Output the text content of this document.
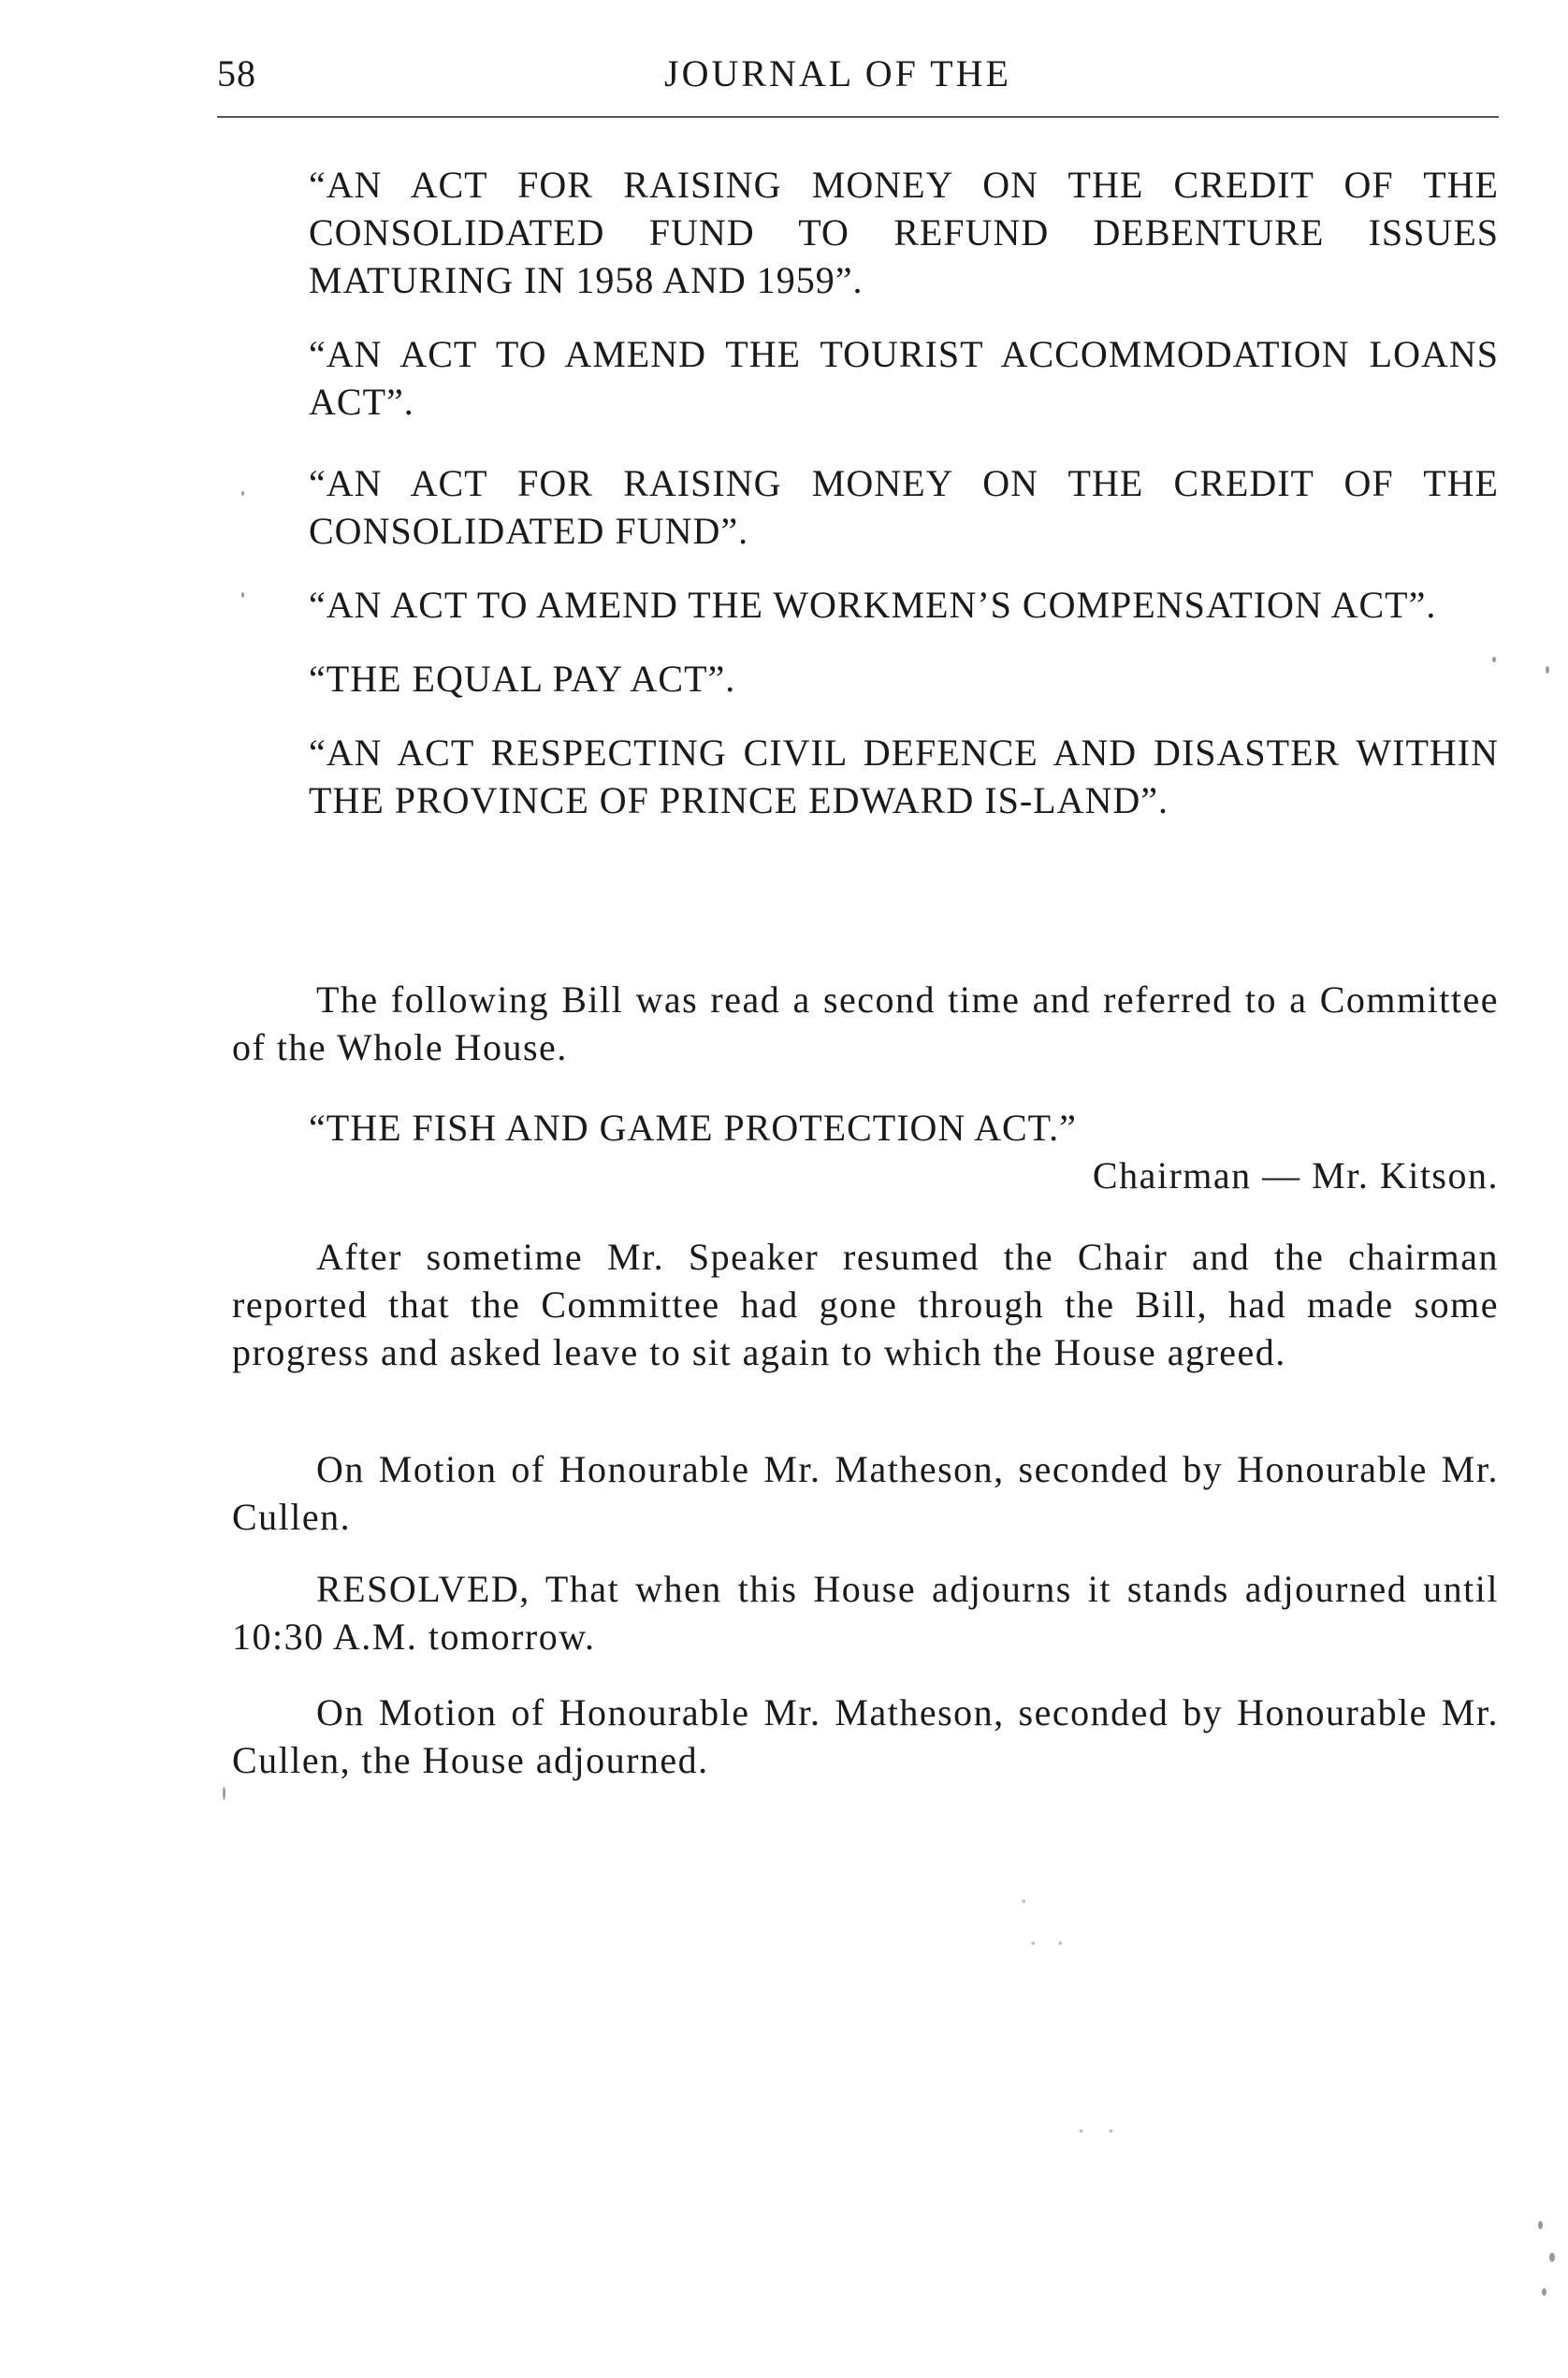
58	JOURNAL OF THE

“AN ACT FOR RAISING MONEY ON THE CREDIT OF THE CONSOLIDATED FUND TO REFUND DEBENTURE ISSUES MATURING IN 1958 AND 1959”.

“AN ACT TO AMEND THE TOURIST ACCOMMODATION LOANS ACT”.

“AN ACT FOR RAISING MONEY ON THE CREDIT OF THE CONSOLIDATED FUND”.

“AN ACT TO AMEND THE WORKMEN’S COMPENSATION ACT”.

“THE EQUAL PAY ACT”.

“AN ACT RESPECTING CIVIL DEFENCE AND DISASTER WITHIN THE PROVINCE OF PRINCE EDWARD IS-LAND”.

The following Bill was read a second time and referred to a Committee of the Whole House.

“THE FISH AND GAME PROTECTION ACT.”

Chairman — Mr. Kitson.

After sometime Mr. Speaker resumed the Chair and the chairman reported that the Committee had gone through the Bill, had made some progress and asked leave to sit again to which the House agreed.

On Motion of Honourable Mr. Matheson, seconded by Honourable Mr. Cullen.

RESOLVED, That when this House adjourns it stands adjourned until 10:30 A.M. tomorrow.

On Motion of Honourable Mr. Matheson, seconded by Honourable Mr. Cullen, the House adjourned.

.
. .
· ·
